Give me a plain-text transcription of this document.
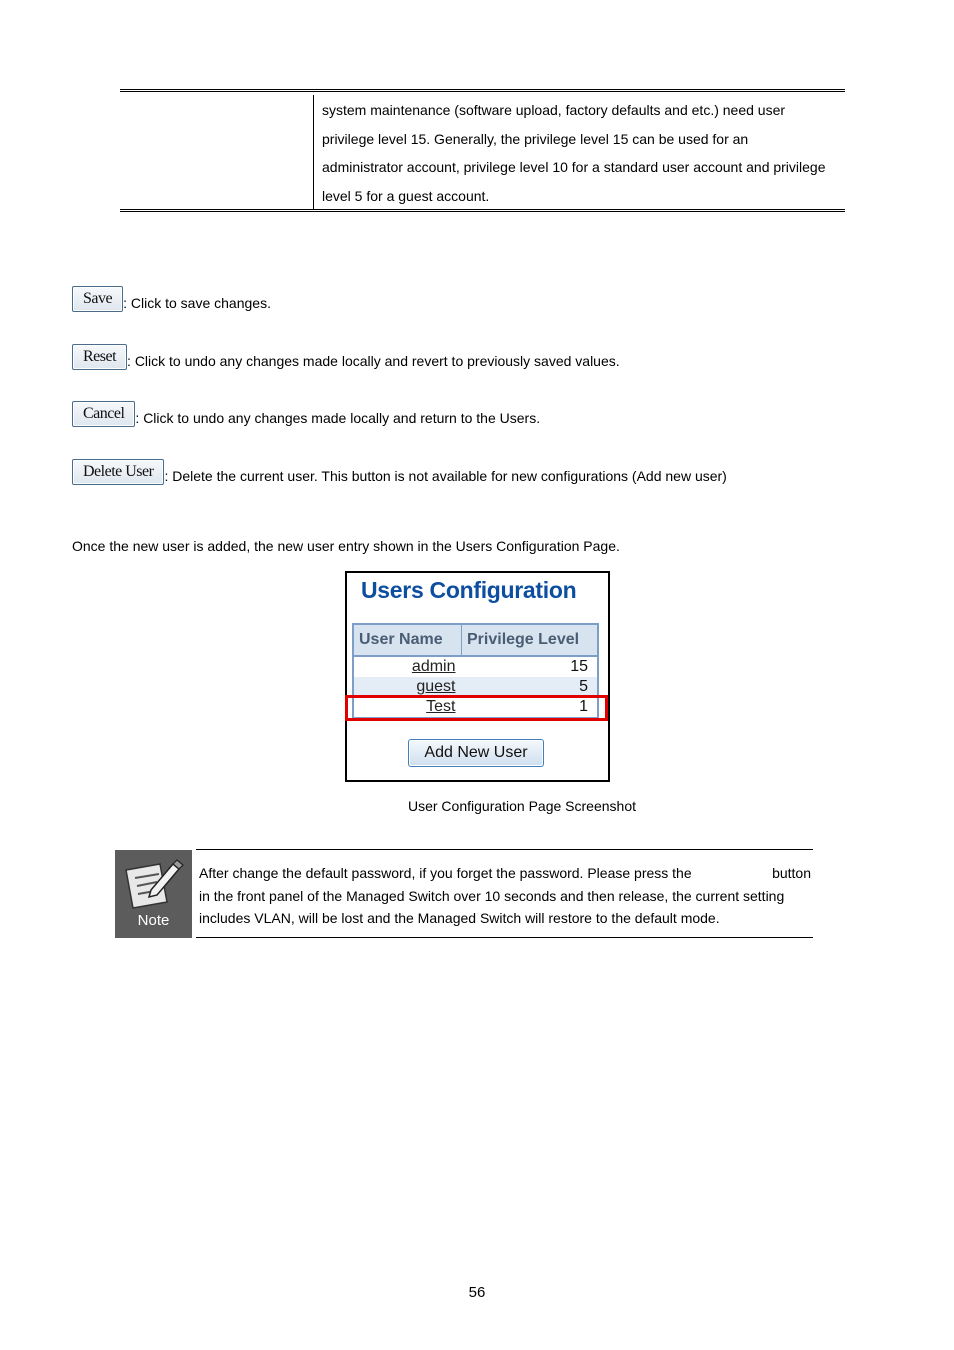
system maintenance (software upload, factory defaults and etc.) need user
privilege level 15. Generally, the privilege level 15 can be used for an
administrator account, privilege level 10 for a standard user account and privilege
level 5 for a guest account.
Save : Click to save changes.
Reset : Click to undo any changes made locally and revert to previously saved values.
Cancel : Click to undo any changes made locally and return to the Users.
Delete User : Delete the current user. This button is not available for new configurations (Add new user)
Once the new user is added, the new user entry shown in the Users Configuration Page.
Users Configuration
User Name	Privilege Level
admin	15
guest	5
Test	1
Add New User
User Configuration Page Screenshot
Note
After change the default password, if you forget the password. Please press the	button
in the front panel of the Managed Switch over 10 seconds and then release, the current setting
includes VLAN, will be lost and the Managed Switch will restore to the default mode.
56
